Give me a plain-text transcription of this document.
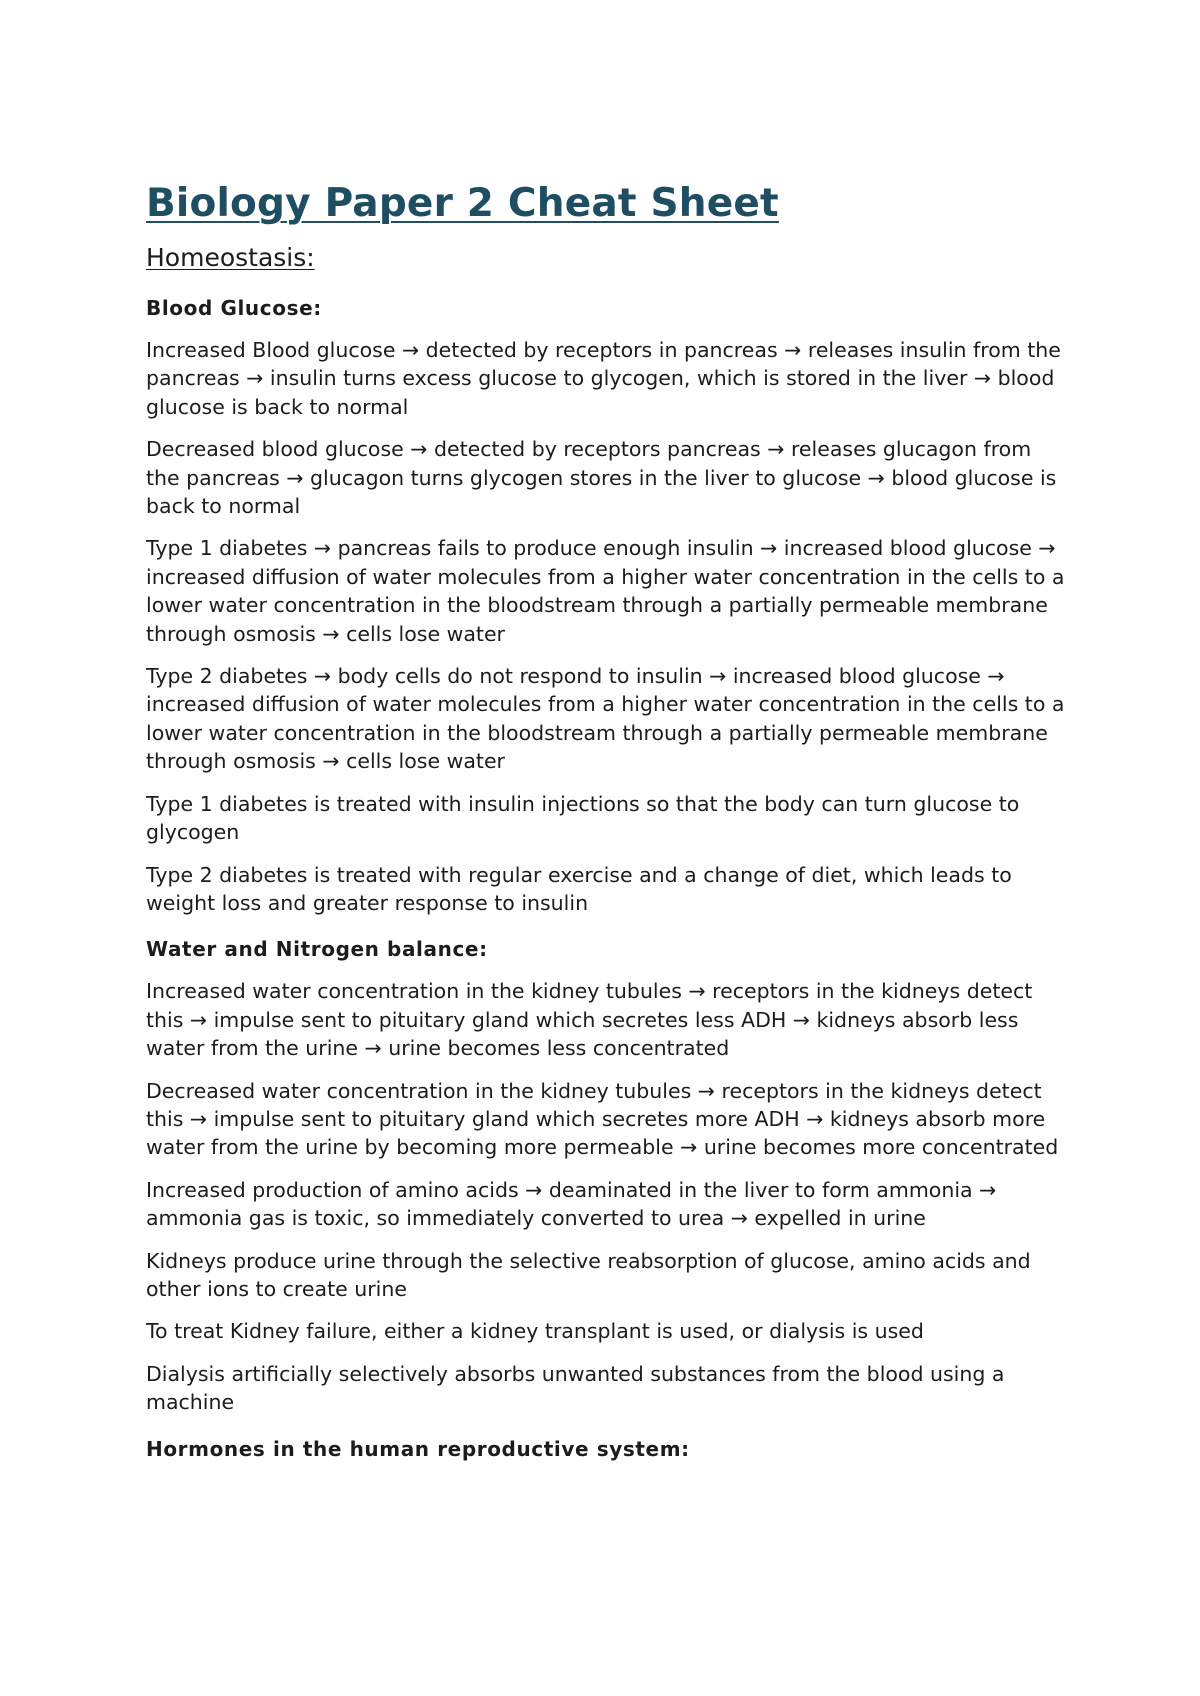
Biology Paper 2 Cheat Sheet
Homeostasis:
Blood Glucose:

Increased Blood glucose → detected by receptors in pancreas → releases insulin from the pancreas → insulin turns excess glucose to glycogen, which is stored in the liver → blood glucose is back to normal

Decreased blood glucose → detected by receptors pancreas → releases glucagon from the pancreas → glucagon turns glycogen stores in the liver to glucose → blood glucose is back to normal

Type 1 diabetes → pancreas fails to produce enough insulin → increased blood glucose → increased diffusion of water molecules from a higher water concentration in the cells to a lower water concentration in the bloodstream through a partially permeable membrane through osmosis → cells lose water

Type 2 diabetes → body cells do not respond to insulin → increased blood glucose → increased diffusion of water molecules from a higher water concentration in the cells to a lower water concentration in the bloodstream through a partially permeable membrane through osmosis → cells lose water

Type 1 diabetes is treated with insulin injections so that the body can turn glucose to glycogen

Type 2 diabetes is treated with regular exercise and a change of diet, which leads to weight loss and greater response to insulin

Water and Nitrogen balance:

Increased water concentration in the kidney tubules → receptors in the kidneys detect this → impulse sent to pituitary gland which secretes less ADH → kidneys absorb less water from the urine → urine becomes less concentrated

Decreased water concentration in the kidney tubules → receptors in the kidneys detect this → impulse sent to pituitary gland which secretes more ADH → kidneys absorb more water from the urine by becoming more permeable → urine becomes more concentrated

Increased production of amino acids → deaminated in the liver to form ammonia → ammonia gas is toxic, so immediately converted to urea → expelled in urine

Kidneys produce urine through the selective reabsorption of glucose, amino acids and other ions to create urine

To treat Kidney failure, either a kidney transplant is used, or dialysis is used

Dialysis artificially selectively absorbs unwanted substances from the blood using a machine

Hormones in the human reproductive system:
